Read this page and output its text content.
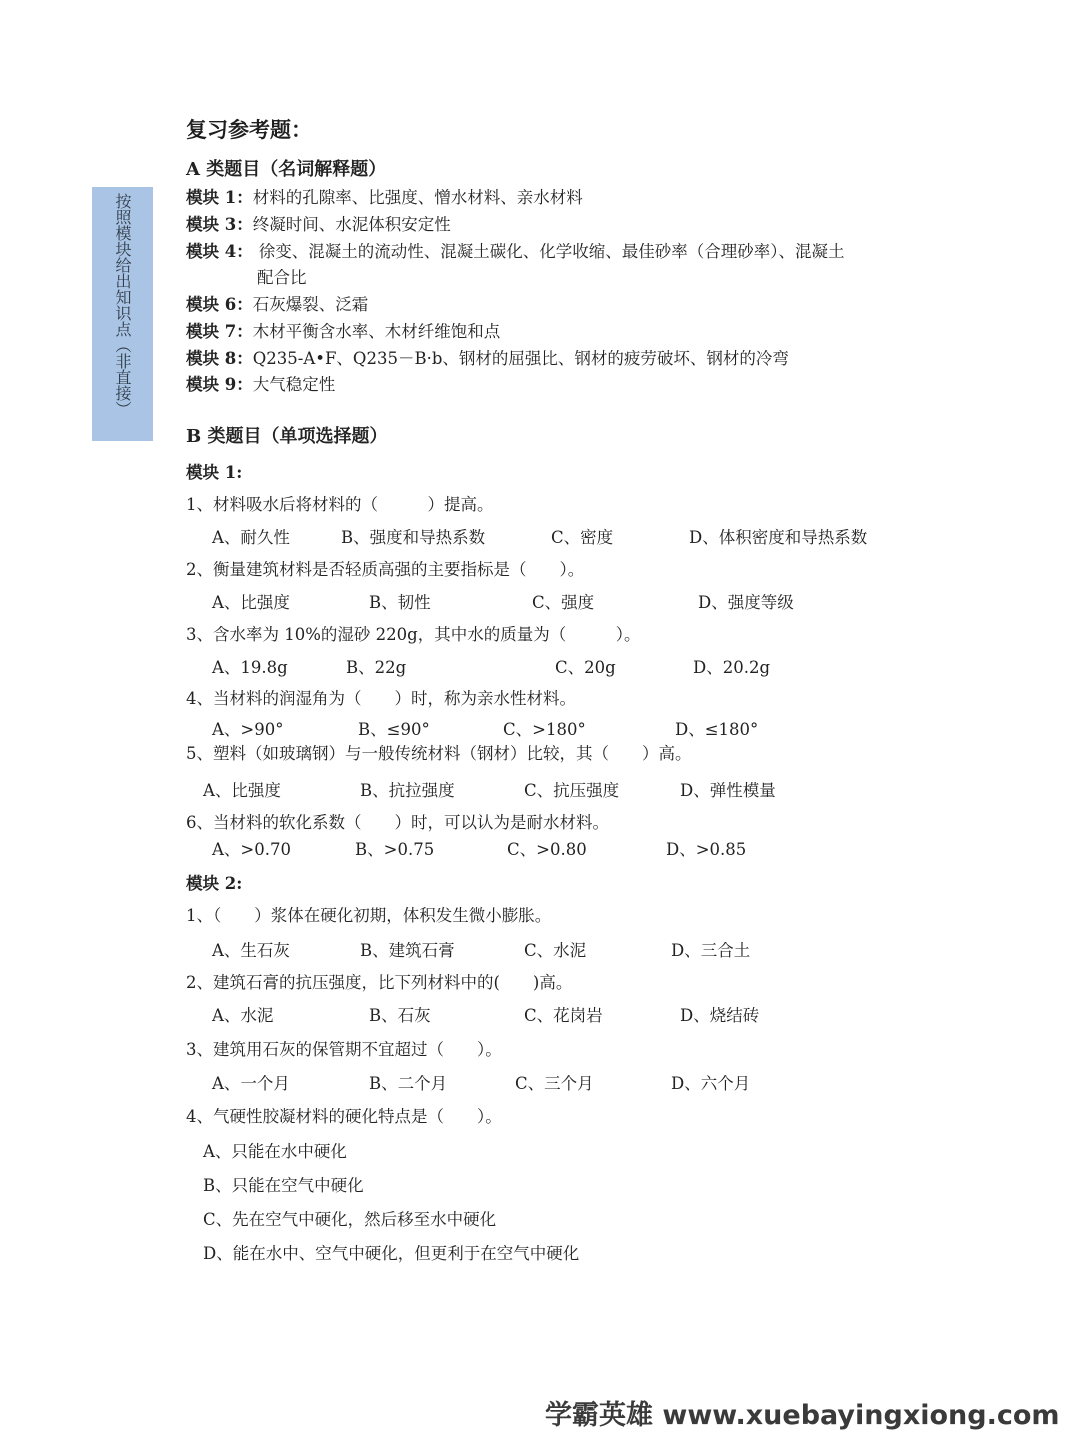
复习参考题：
按照模块给出知识点（非直接）
A 类题目（名词解释题）
模块 1：材料的孔隙率、比强度、憎水材料、亲水材料
模块 3：终凝时间、水泥体积安定性
模块 4： 徐变、混凝土的流动性、混凝土碳化、化学收缩、最佳砂率（合理砂率）、混凝土
配合比
模块 6：石灰爆裂、泛霜
模块 7：木材平衡含水率、木材纤维饱和点
模块 8：Q235-A•F、Q235－B·b、钢材的屈强比、钢材的疲劳破坏、钢材的冷弯
模块 9：大气稳定性
B 类题目（单项选择题）
模块 1:
1、材料吸水后将材料的（　　　）提高。
A、耐久性	B、强度和导热系数	C、密度	D、体积密度和导热系数
2、衡量建筑材料是否轻质高强的主要指标是（　　）。
A、比强度	B、韧性	C、强度	D、强度等级
3、含水率为 10%的湿砂 220g，其中水的质量为（　　　）。
A、19.8g	B、22g	C、20g	D、20.2g
4、当材料的润湿角为（　　）时，称为亲水性材料。
A、>90°	B、≤90°	C、>180°	D、≤180°
5、塑料（如玻璃钢）与一般传统材料（钢材）比较，其（　　）高。
A、比强度	B、抗拉强度	C、抗压强度	D、弹性模量
6、当材料的软化系数（　　）时，可以认为是耐水材料。
A、>0.70	B、>0.75	C、>0.80	D、>0.85
模块 2:
1、（　　）浆体在硬化初期，体积发生微小膨胀。
A、生石灰	B、建筑石膏	C、水泥	D、三合土
2、建筑石膏的抗压强度，比下列材料中的(　　)高。
A、水泥	B、石灰	C、花岗岩	D、烧结砖
3、建筑用石灰的保管期不宜超过（　　）。
A、一个月	B、二个月	C、三个月	D、六个月
4、气硬性胶凝材料的硬化特点是（　　）。
A、只能在水中硬化
B、只能在空气中硬化
C、先在空气中硬化，然后移至水中硬化
D、能在水中、空气中硬化，但更利于在空气中硬化
学霸英雄 www.xuebayingxiong.com
